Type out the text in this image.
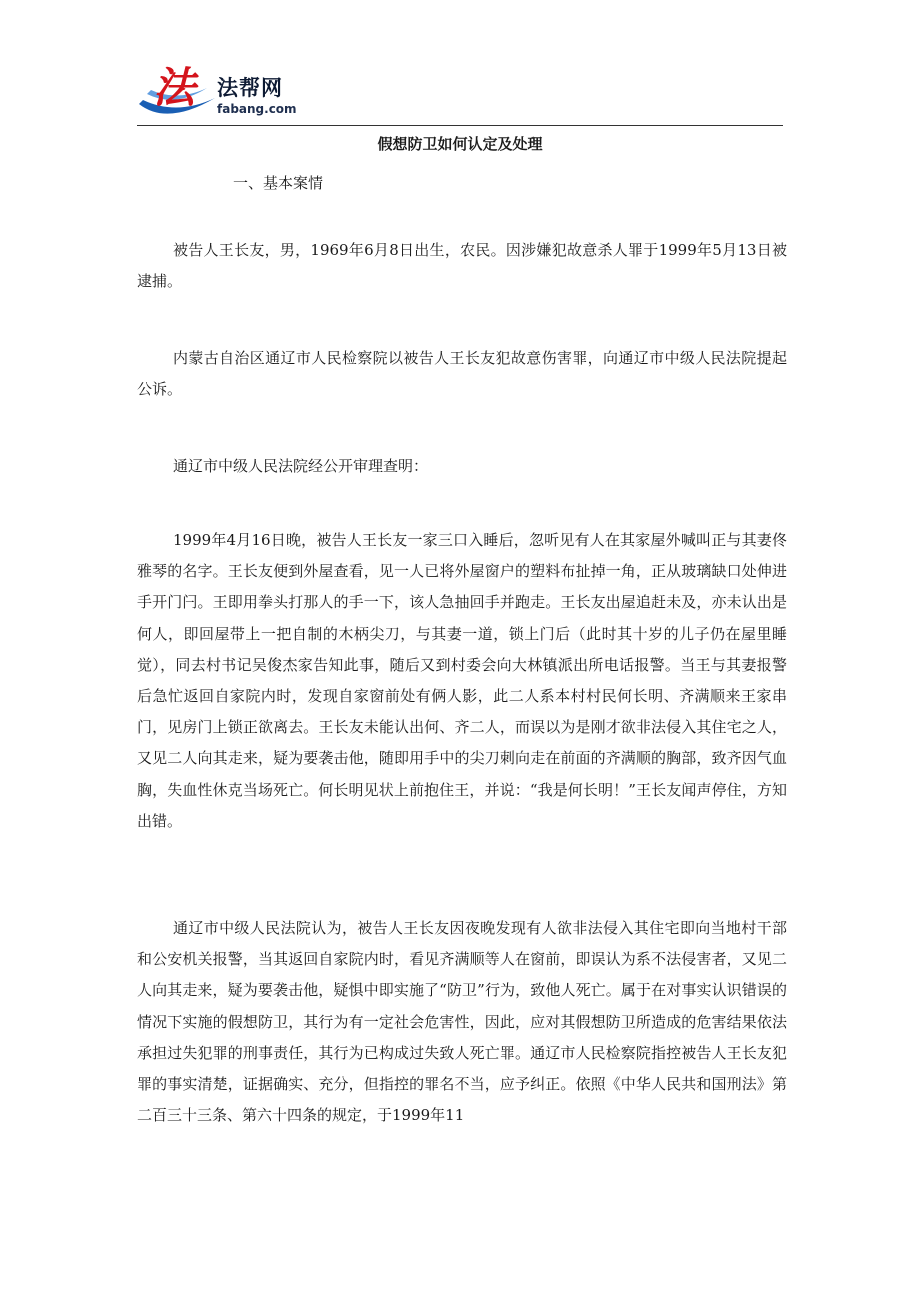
法 法帮网
fabang.com
假想防卫如何认定及处理
一、基本案情

被告人王长友，男，1969年6月8日出生，农民。因涉嫌犯故意杀人罪于1999年5月13日被逮捕。

内蒙古自治区通辽市人民检察院以被告人王长友犯故意伤害罪，向通辽市中级人民法院提起公诉。

通辽市中级人民法院经公开审理查明：

1999年4月16日晚，被告人王长友一家三口入睡后，忽听见有人在其家屋外喊叫正与其妻佟雅琴的名字。王长友便到外屋查看，见一人已将外屋窗户的塑料布扯掉一角，正从玻璃缺口处伸进手开门闩。王即用拳头打那人的手一下，该人急抽回手并跑走。王长友出屋追赶未及，亦未认出是何人，即回屋带上一把自制的木柄尖刀，与其妻一道，锁上门后（此时其十岁的儿子仍在屋里睡觉），同去村书记吴俊杰家告知此事，随后又到村委会向大林镇派出所电话报警。当王与其妻报警后急忙返回自家院内时，发现自家窗前处有俩人影，此二人系本村村民何长明、齐满顺来王家串门，见房门上锁正欲离去。王长友未能认出何、齐二人，而误以为是刚才欲非法侵入其住宅之人，又见二人向其走来，疑为要袭击他，随即用手中的尖刀刺向走在前面的齐满顺的胸部，致齐因气血胸，失血性休克当场死亡。何长明见状上前抱住王，并说：“我是何长明！”王长友闻声停住，方知出错。

通辽市中级人民法院认为，被告人王长友因夜晚发现有人欲非法侵入其住宅即向当地村干部和公安机关报警，当其返回自家院内时，看见齐满顺等人在窗前，即误认为系不法侵害者，又见二人向其走来，疑为要袭击他，疑惧中即实施了“防卫”行为，致他人死亡。属于在对事实认识错误的情况下实施的假想防卫，其行为有一定社会危害性，因此，应对其假想防卫所造成的危害结果依法承担过失犯罪的刑事责任，其行为已构成过失致人死亡罪。通辽市人民检察院指控被告人王长友犯罪的事实清楚，证据确实、充分，但指控的罪名不当，应予纠正。依照《中华人民共和国刑法》第二百三十三条、第六十四条的规定，于1999年11
